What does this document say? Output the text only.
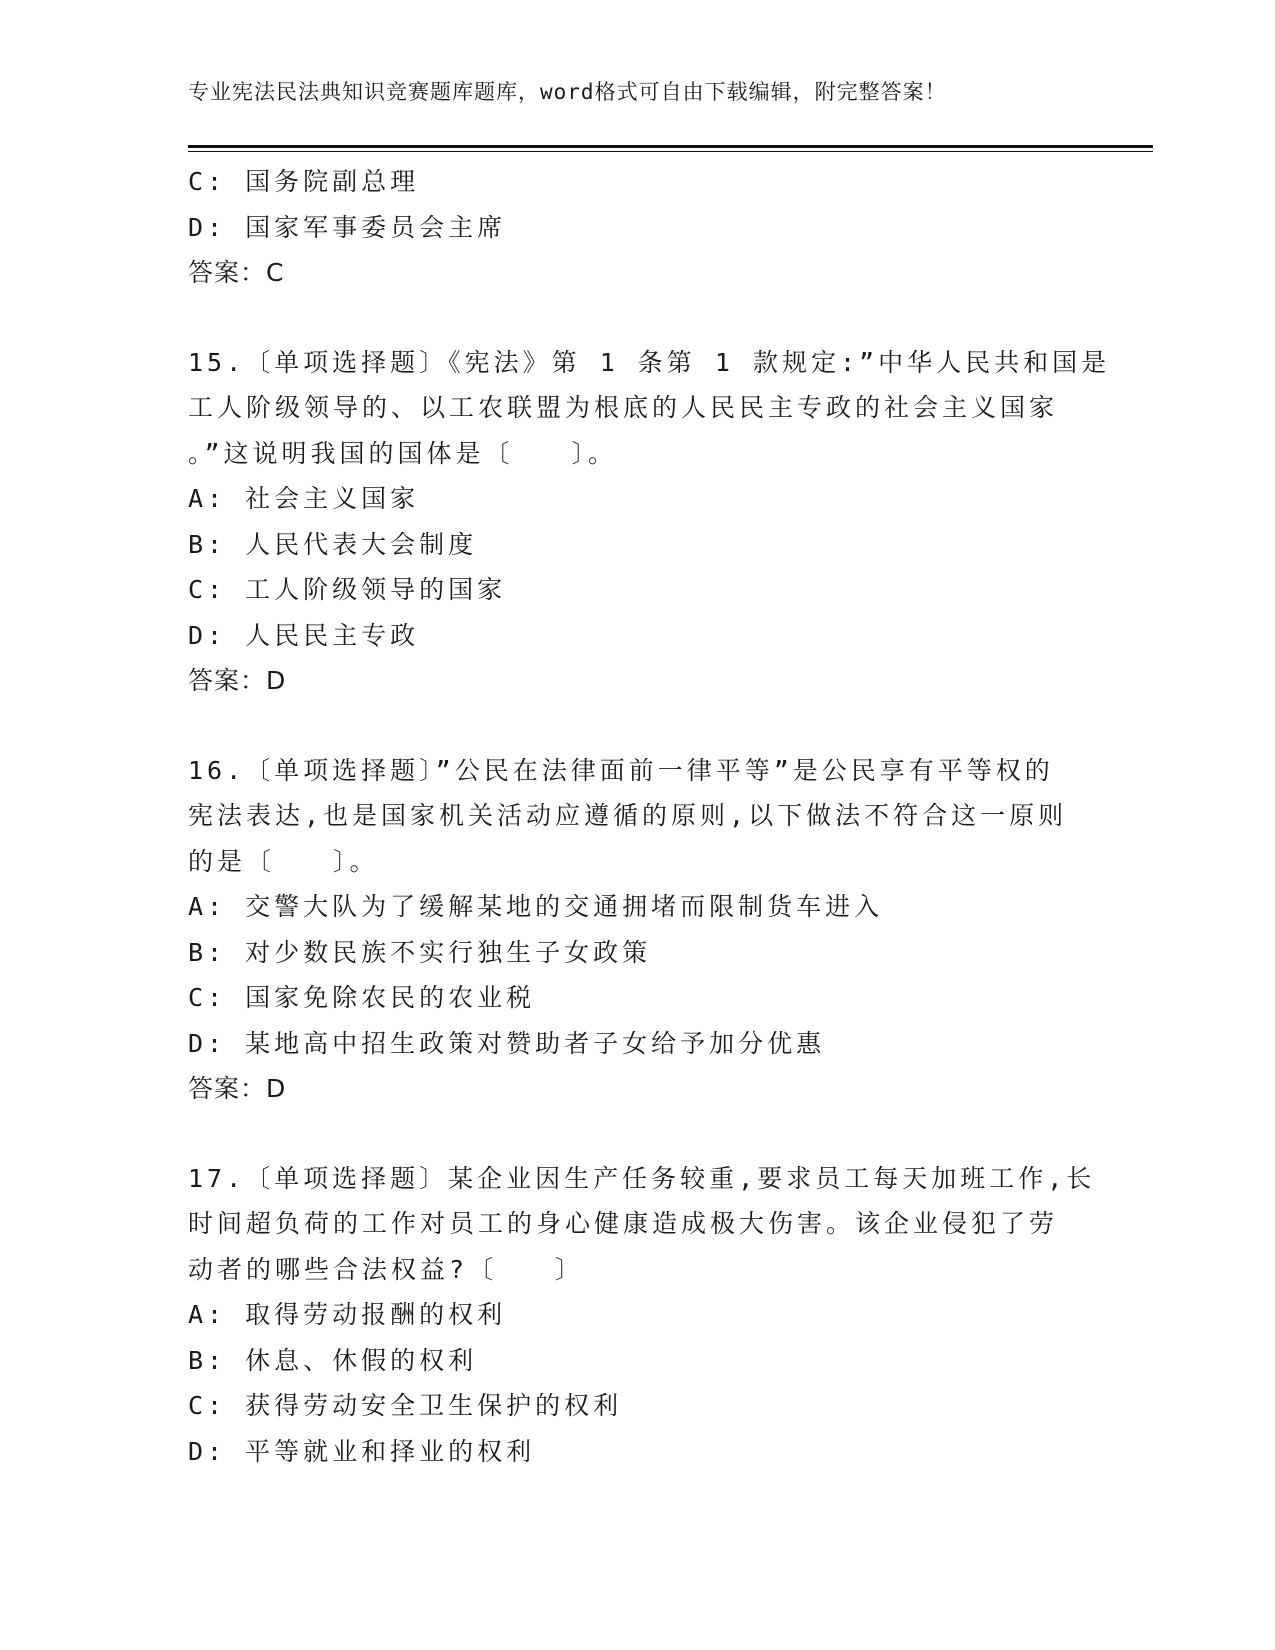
专业宪法民法典知识竞赛题库题库，word格式可自由下载编辑，附完整答案！
C: 国务院副总理
D: 国家军事委员会主席
答案：C
15.〔单项选择题〕《宪法》第 1 条第 1 款规定:”中华人民共和国是
工人阶级领导的、以工农联盟为根底的人民民主专政的社会主义国家
。”这说明我国的国体是〔　　〕。
A: 社会主义国家
B: 人民代表大会制度
C: 工人阶级领导的国家
D: 人民民主专政
答案：D
16.〔单项选择题〕”公民在法律面前一律平等”是公民享有平等权的
宪法表达,也是国家机关活动应遵循的原则,以下做法不符合这一原则
的是〔　　〕。
A: 交警大队为了缓解某地的交通拥堵而限制货车进入
B: 对少数民族不实行独生子女政策
C: 国家免除农民的农业税
D: 某地高中招生政策对赞助者子女给予加分优惠
答案：D
17.〔单项选择题〕某企业因生产任务较重,要求员工每天加班工作,长
时间超负荷的工作对员工的身心健康造成极大伤害。该企业侵犯了劳
动者的哪些合法权益?〔　　〕
A: 取得劳动报酬的权利
B: 休息、休假的权利
C: 获得劳动安全卫生保护的权利
D: 平等就业和择业的权利
